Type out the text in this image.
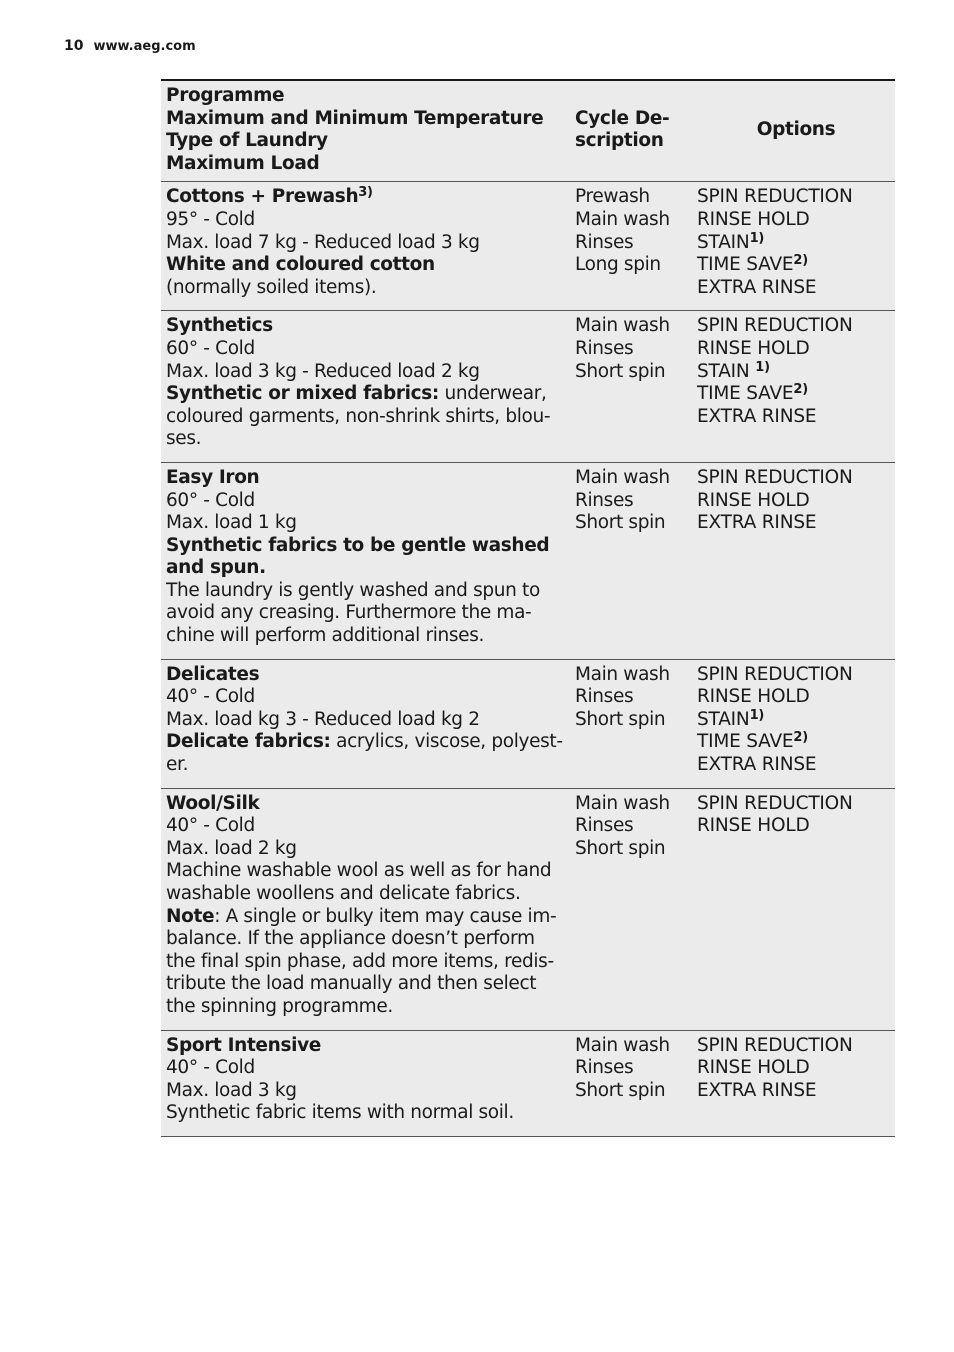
10 www.aeg.com
Programme
Maximum and Minimum Temperature
Type of Laundry
Maximum Load
Cycle De-
scription
Options
Cottons + Prewash$^{3)}$
95° - Cold
Max. load 7 kg - Reduced load 3 kg
White and coloured cotton
(normally soiled items).
Prewash
Main wash
Rinses
Long spin
SPIN REDUCTION
RINSE HOLD
STAIN$^{1)}$
TIME SAVE$^{2)}$
EXTRA RINSE
Synthetics
60° - Cold
Max. load 3 kg - Reduced load 2 kg
Synthetic or mixed fabrics: underwear,
coloured garments, non-shrink shirts, blou-
ses.
Main wash
Rinses
Short spin
SPIN REDUCTION
RINSE HOLD
STAIN $^{1)}$
TIME SAVE$^{2)}$
EXTRA RINSE
Easy Iron
60° - Cold
Max. load 1 kg
Synthetic fabrics to be gentle washed
and spun.
The laundry is gently washed and spun to
avoid any creasing. Furthermore the ma-
chine will perform additional rinses.
Main wash
Rinses
Short spin
SPIN REDUCTION
RINSE HOLD
EXTRA RINSE
Delicates
40° - Cold
Max. load kg 3 - Reduced load kg 2
Delicate fabrics: acrylics, viscose, polyest-
er.
Main wash
Rinses
Short spin
SPIN REDUCTION
RINSE HOLD
STAIN$^{1)}$
TIME SAVE$^{2)}$
EXTRA RINSE
Wool/Silk
40° - Cold
Max. load 2 kg
Machine washable wool as well as for hand
washable woollens and delicate fabrics.
Note: A single or bulky item may cause im-
balance. If the appliance doesn’t perform
the final spin phase, add more items, redis-
tribute the load manually and then select
the spinning programme.
Main wash
Rinses
Short spin
SPIN REDUCTION
RINSE HOLD
Sport Intensive
40° - Cold
Max. load 3 kg
Synthetic fabric items with normal soil.
Main wash
Rinses
Short spin
SPIN REDUCTION
RINSE HOLD
EXTRA RINSE
